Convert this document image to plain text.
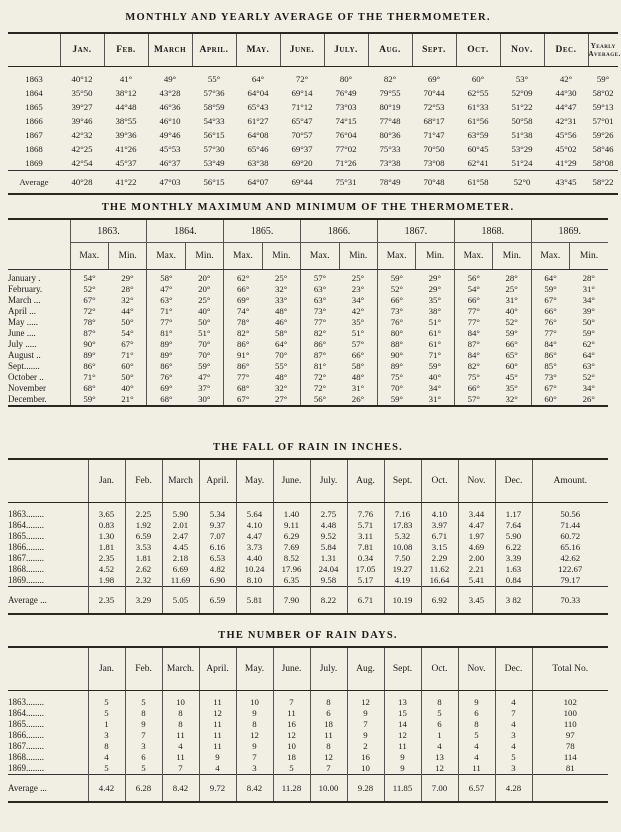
MONTHLY AND YEARLY AVERAGE OF THE THERMOMETER.
	Jan.	Feb.	March	April.	May.	June.	July.	Aug.	Sept.	Oct.	Nov.	Dec.	Yearly Average.
1863	40°12	41°	49°	55°	64°	72°	80°	82°	69°	60°	53°	42°	59°
1864	35°50	38°12	43°28	57°36	64°04	69°14	76°49	79°55	70°44	62°55	52°09	44°30	58°02
1865	39°27	44°48	46°36	58°59	65°43	71°12	73°03	80°19	72°53	61°33	51°22	44°47	59°13
1866	39°46	38°55	46°10	54°33	61°27	65°47	74°15	77°48	68°17	61°56	50°58	42°31	57°01
1867	42°32	39°36	49°46	56°15	64°08	70°57	76°04	80°36	71°47	63°59	51°38	45°56	59°26
1868	42°25	41°26	45°53	57°30	65°46	69°37	77°02	75°33	70°50	60°45	53°29	45°02	58°46
1869	42°54	45°37	46°37	53°49	63°38	69°20	71°26	73°38	73°08	62°41	51°24	41°29	58°08
Average	40°28	41°22	47°03	56°15	64°07	69°44	75°31	78°49	70°48	61°58	52°0	43°45	58°22
THE MONTHLY MAXIMUM AND MINIMUM OF THE THERMOMETER.
	1863.		1864.		1865.		1866.		1867.		1868.		1869.	
	Max.	Min.	Max.	Min.	Max.	Min.	Max.	Min.	Max.	Min.	Max.	Min.	Max.	Min.
January .	54°	29°	58°	20°	62°	25°	57°	25°	59°	29°	56°	28°	64°	28°
February.	52°	28°	47°	20°	66°	32°	63°	23°	52°	29°	54°	25°	59°	31°
March ...	67°	32°	63°	25°	69°	33°	63°	34°	66°	35°	66°	31°	67°	34°
April ...	72°	44°	71°	40°	74°	48°	73°	42°	73°	38°	77°	40°	66°	39°
May .....	78°	50°	77°	50°	78°	46°	77°	35°	76°	51°	77°	52°	76°	50°
June ....	87°	54°	81°	51°	82°	58°	82°	51°	80°	61°	84°	59°	77°	59°
July .....	90°	67°	89°	70°	86°	64°	86°	57°	88°	61°	87°	66°	84°	62°
August ..	89°	71°	89°	70°	91°	70°	87°	66°	90°	71°	84°	65°	86°	64°
Sept.......	86°	60°	86°	59°	86°	55°	81°	58°	89°	59°	82°	60°	85°	63°
October ..	71°	50°	76°	47°	77°	48°	72°	48°	75°	40°	75°	45°	73°	52°
November	68°	40°	69°	37°	68°	32°	72°	31°	70°	34°	66°	35°	67°	34°
December.	59°	21°	68°	30°	67°	27°	56°	26°	59°	31°	57°	32°	60°	26°
THE FALL OF RAIN IN INCHES.
	Jan.	Feb.	March	April.	May.	June.	July.	Aug.	Sept.	Oct.	Nov.	Dec.	Amount.
1863........	3.65	2.25	5.90	5.34	5.64	1.40	2.75	7.76	7.16	4.10	3.44	1.17	50.56
1864........	0.83	1.92	2.01	9.37	4.10	9.11	4.48	5.71	17.83	3.97	4.47	7.64	71.44
1865........	1.30	6.59	2.47	7.07	4.47	6.29	9.52	3.11	5.32	6.71	1.97	5.90	60.72
1866........	1.81	3.53	4.45	6.16	3.73	7.69	5.84	7.81	10.08	3.15	4.69	6.22	65.16
1867........	2.35	1.81	2.18	6.53	4.40	8.52	1.31	0.34	7.50	2.29	2.00	3.39	42.62
1868........	4.52	2.62	6.69	4.82	10.24	17.96	24.04	17.05	19.27	11.62	2.21	1.63	122.67
1869........	1.98	2.32	11.69	6.90	8.10	6.35	9.58	5.17	4.19	16.64	5.41	0.84	79.17
Average ...	2.35	3.29	5.05	6.59	5.81	7.90	8.22	6.71	10.19	6.92	3.45	3 82	70.33
THE NUMBER OF RAIN DAYS.
	Jan.	Feb.	March.	April.	May.	June.	July.	Aug.	Sept.	Oct.	Nov.	Dec.	Total No.
1863........	5	5	10	11	10	7	8	12	13	8	9	4	102
1864........	5	8	8	12	9	11	6	9	15	5	6	7	100
1865........	1	9	8	11	8	16	18	7	14	6	8	4	110
1866........	3	7	11	11	12	12	11	9	12	1	5	3	97
1867........	8	3	4	11	9	10	8	2	11	4	4	4	78
1868........	4	6	11	9	7	18	12	16	9	13	4	5	114
1869........	5	5	7	4	3	5	7	10	9	12	11	3	81
Average ...	4.42	6.28	8.42	9.72	8.42	11.28	10.00	9.28	11.85	7.00	6.57	4.28	
